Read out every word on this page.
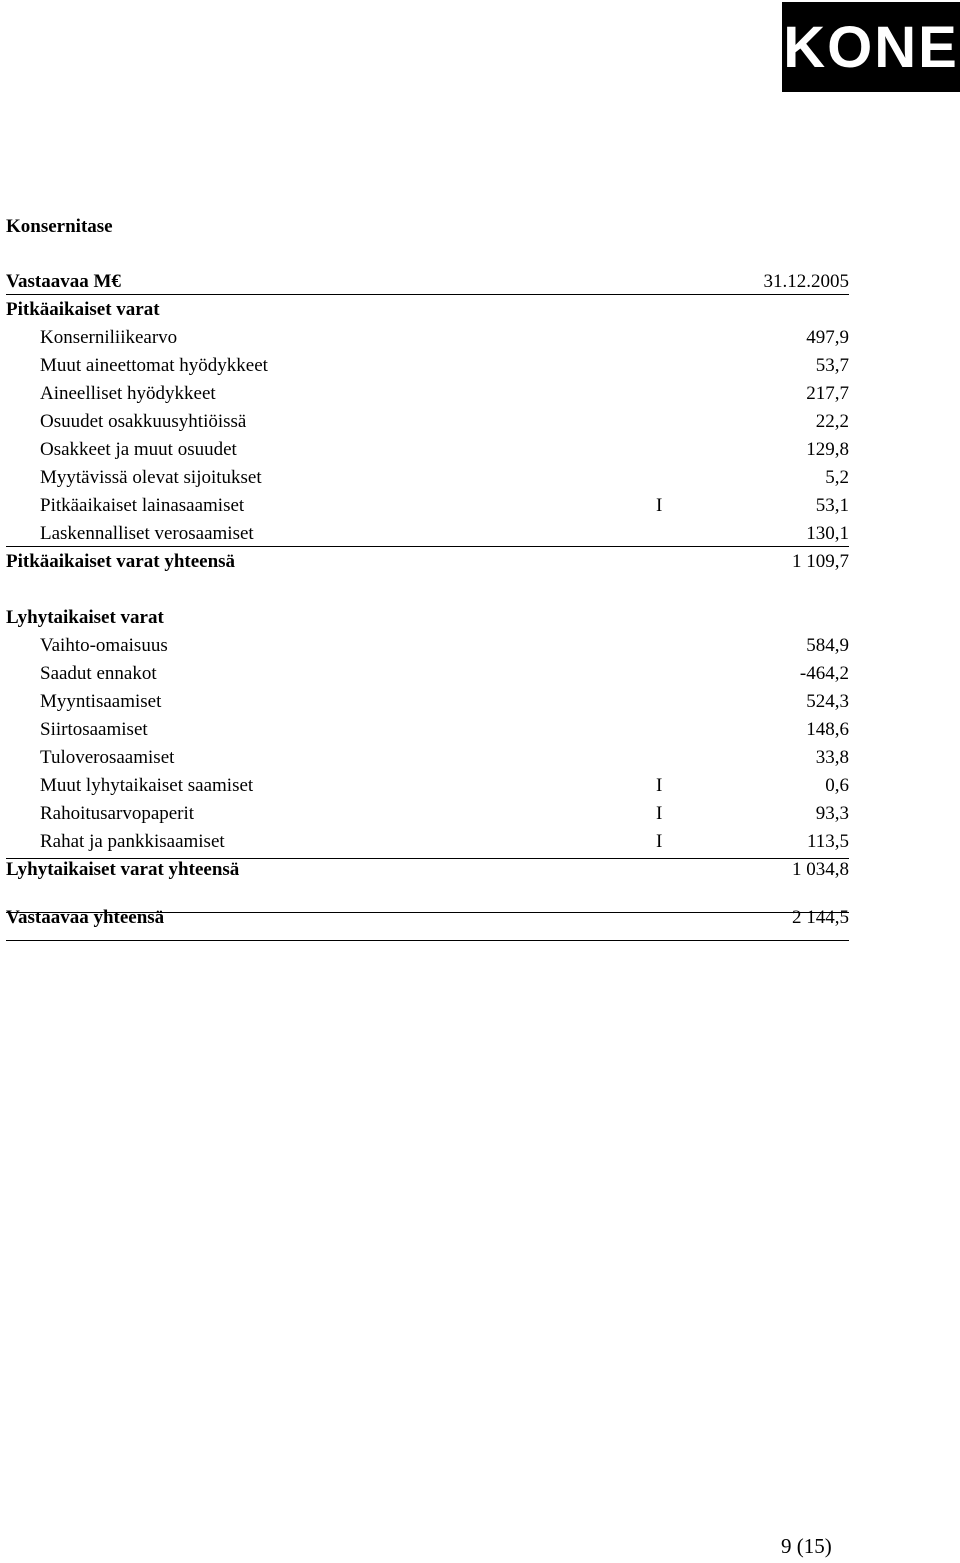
KONE
Konsernitase
Vastaavaa M€	31.12.2005
Pitkäaikaiset varat
Konserniliikearvo	497,9
Muut aineettomat hyödykkeet	53,7
Aineelliset hyödykkeet	217,7
Osuudet osakkuusyhtiöissä	22,2
Osakkeet ja muut osuudet	129,8
Myytävissä olevat sijoitukset	5,2
Pitkäaikaiset lainasaamiset	I	53,1
Laskennalliset verosaamiset	130,1
Pitkäaikaiset varat yhteensä	1 109,7
Lyhytaikaiset varat
Vaihto-omaisuus	584,9
Saadut ennakot	-464,2
Myyntisaamiset	524,3
Siirtosaamiset	148,6
Tuloverosaamiset	33,8
Muut lyhytaikaiset saamiset	I	0,6
Rahoitusarvopaperit	I	93,3
Rahat ja pankkisaamiset	I	113,5
Lyhytaikaiset varat yhteensä	1 034,8
Vastaavaa yhteensä	2 144,5
9 (15)
